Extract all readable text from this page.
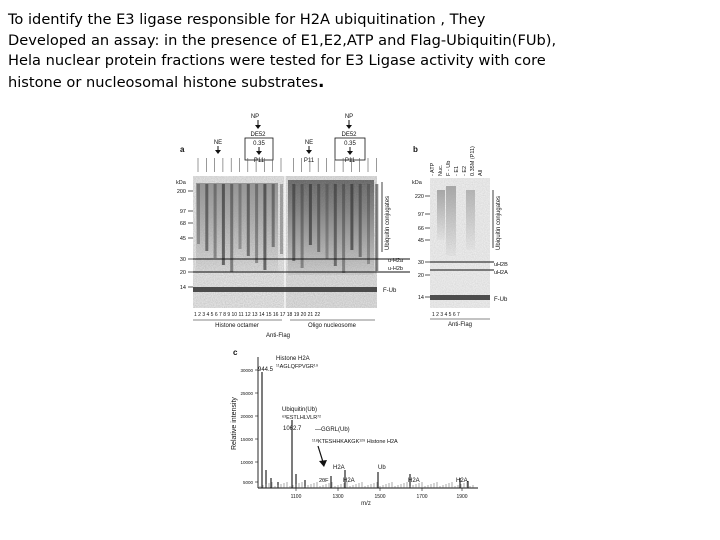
To identify the E3 ligase responsible for H2A ubiquitination , They

Developed an assay: in the presence of E1,E2,ATP and Flag-Ubiquitin(FUb),

Hela nuclear protein fractions were tested for E3 Ligase activity with core

histone or nucleosomal histone substrates.

a
NP
DE52
NP
DE52
NE	0.35
P11
NE
P11
0.35
P11
kDa
200
97
68
45
30
20
14
Ubiquitin conjugates
u-H2a
u-H2b
F-Ub
1 2 3 4 5 6 7 8 9 10 11 12 13 14 15 16 17 18 19 20 21 22
Histone octamer	Oligo nucleosome
Anti-Flag
b
- ATP Nuc. F - Ub - E1 - E2 0.35M (P11) All
kDa
220
97
66
45
30
20
14
Ubiquitin conjugates
uH2B
uH2A
F-Ub
1 2 3 4 5 6 7
Anti-Flag
c
Relative intensity
30000
25000
20000
15000
10000
5000
1100	1300	1500	1700	1900
m/z
944.5
Histone H2A
¹¹AGLQFPVGR¹⁹
Ubiquitin(Ub)
⁶³ESTLHLVLR⁷²
1062.7 —GGRL(Ub)
¹¹⁸KTESHHKAKGK¹²⁹ Histone H2A
H2A	Ub
2θF H2A	H2A	H2A
